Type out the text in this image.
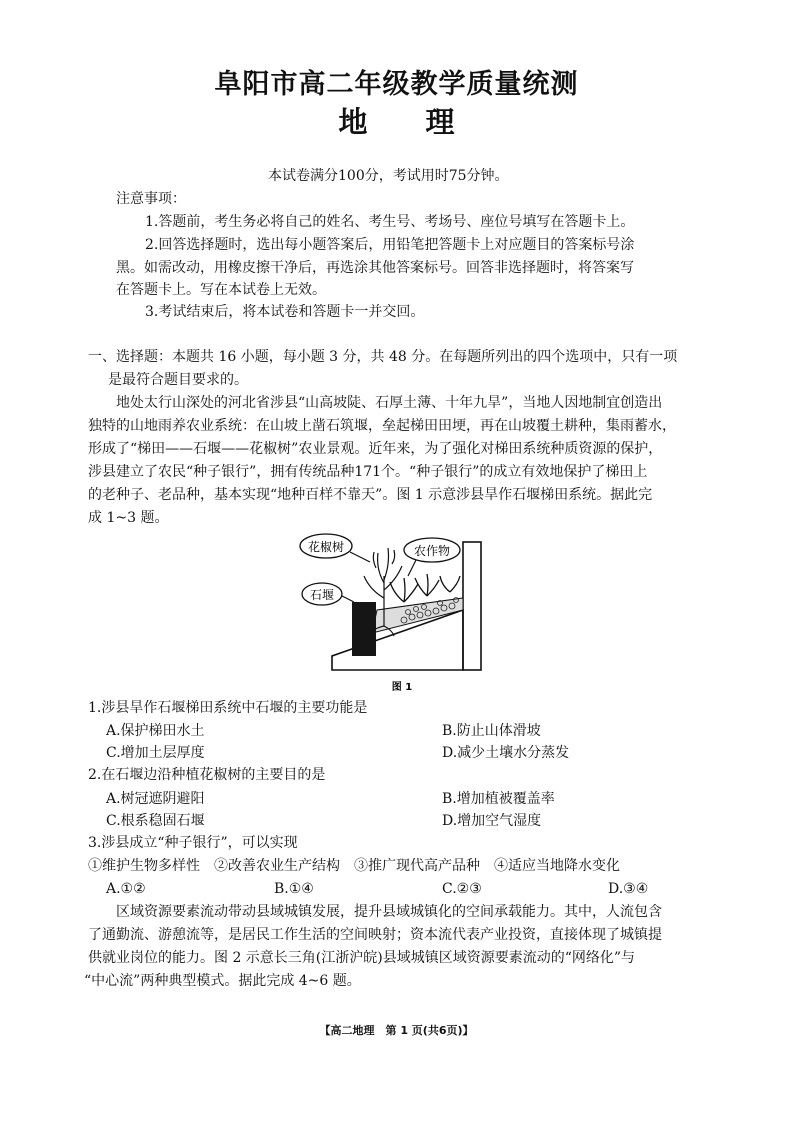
阜阳市高二年级教学质量统测
地　　理
本试卷满分100分，考试用时75分钟。
注意事项：
1.答题前，考生务必将自己的姓名、考生号、考场号、座位号填写在答题卡上。
2.回答选择题时，选出每小题答案后，用铅笔把答题卡上对应题目的答案标号涂
黑。如需改动，用橡皮擦干净后，再选涂其他答案标号。回答非选择题时，将答案写
在答题卡上。写在本试卷上无效。
3.考试结束后，将本试卷和答题卡一并交回。
一、选择题：本题共 16 小题，每小题 3 分，共 48 分。在每题所列出的四个选项中，只有一项
是最符合题目要求的。
地处太行山深处的河北省涉县“山高坡陡、石厚土薄、十年九旱”，当地人因地制宜创造出
独特的山地雨养农业系统：在山坡上凿石筑堰，垒起梯田田埂，再在山坡覆土耕种，集雨蓄水，
形成了“梯田——石堰——花椒树”农业景观。近年来，为了强化对梯田系统种质资源的保护，
涉县建立了农民“种子银行”，拥有传统品种171个。“种子银行”的成立有效地保护了梯田上
的老种子、老品种，基本实现“地种百样不靠天”。图 1 示意涉县旱作石堰梯田系统。据此完
成 1~3 题。
花椒树	农作物
石堰
图 1
1.涉县旱作石堰梯田系统中石堰的主要功能是
A.保护梯田水土	B.防止山体滑坡
C.增加土层厚度	D.减少土壤水分蒸发
2.在石堰边沿种植花椒树的主要目的是
A.树冠遮阴避阳	B.增加植被覆盖率
C.根系稳固石堰	D.增加空气湿度
3.涉县成立“种子银行”，可以实现
①维护生物多样性　②改善农业生产结构　③推广现代高产品种　④适应当地降水变化
A.①②	B.①④	C.②③	D.③④
区域资源要素流动带动县域城镇发展，提升县域城镇化的空间承载能力。其中，人流包含
了通勤流、游憩流等，是居民工作生活的空间映射；资本流代表产业投资，直接体现了城镇提
供就业岗位的能力。图 2 示意长三角(江浙沪皖)县域城镇区域资源要素流动的“网络化”与
“中心流”两种典型模式。据此完成 4~6 题。
【高二地理　第 1 页(共6页)】
